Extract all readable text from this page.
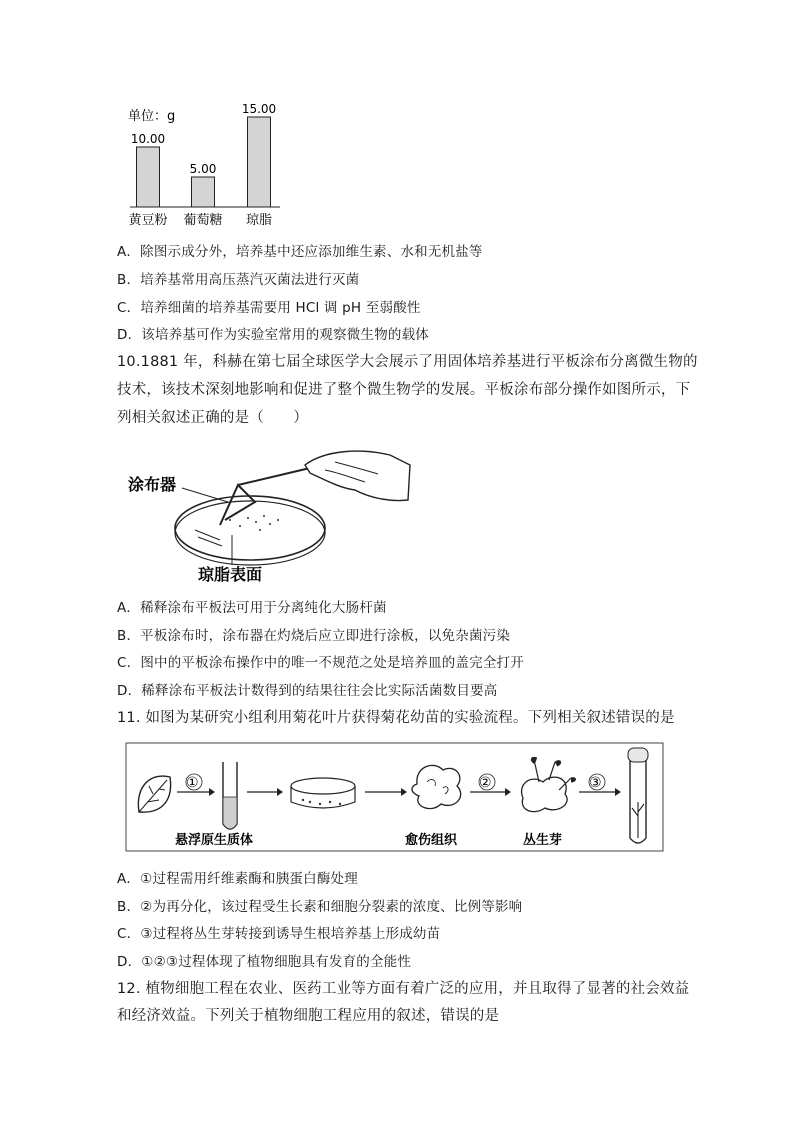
单位：g
10.00
黄豆粉
5.00
葡萄糖
15.00
琼脂
A．除图示成分外，培养基中还应添加维生素、水和无机盐等
B．培养基常用高压蒸汽灭菌法进行灭菌
C．培养细菌的培养基需要用 HCl 调 pH 至弱酸性
D．该培养基可作为实验室常用的观察微生物的载体
10.1881 年，科赫在第七届全球医学大会展示了用固体培养基进行平板涂布分离微生物的
技术，该技术深刻地影响和促进了整个微生物学的发展。平板涂布部分操作如图所示，下
列相关叙述正确的是（　　）
涂布器
琼脂表面
A．稀释涂布平板法可用于分离纯化大肠杆菌
B．平板涂布时，涂布器在灼烧后应立即进行涂板，以免杂菌污染
C．图中的平板涂布操作中的唯一不规范之处是培养皿的盖完全打开
D．稀释涂布平板法计数得到的结果往往会比实际活菌数目要高
11. 如图为某研究小组利用菊花叶片获得菊花幼苗的实验流程。下列相关叙述错误的是
①	②	③
悬浮原生质体	愈伤组织	丛生芽
A．①过程需用纤维素酶和胰蛋白酶处理
B．②为再分化，该过程受生长素和细胞分裂素的浓度、比例等影响
C．③过程将丛生芽转接到诱导生根培养基上形成幼苗
D．①②③过程体现了植物细胞具有发育的全能性
12. 植物细胞工程在农业、医药工业等方面有着广泛的应用，并且取得了显著的社会效益
和经济效益。下列关于植物细胞工程应用的叙述，错误的是
